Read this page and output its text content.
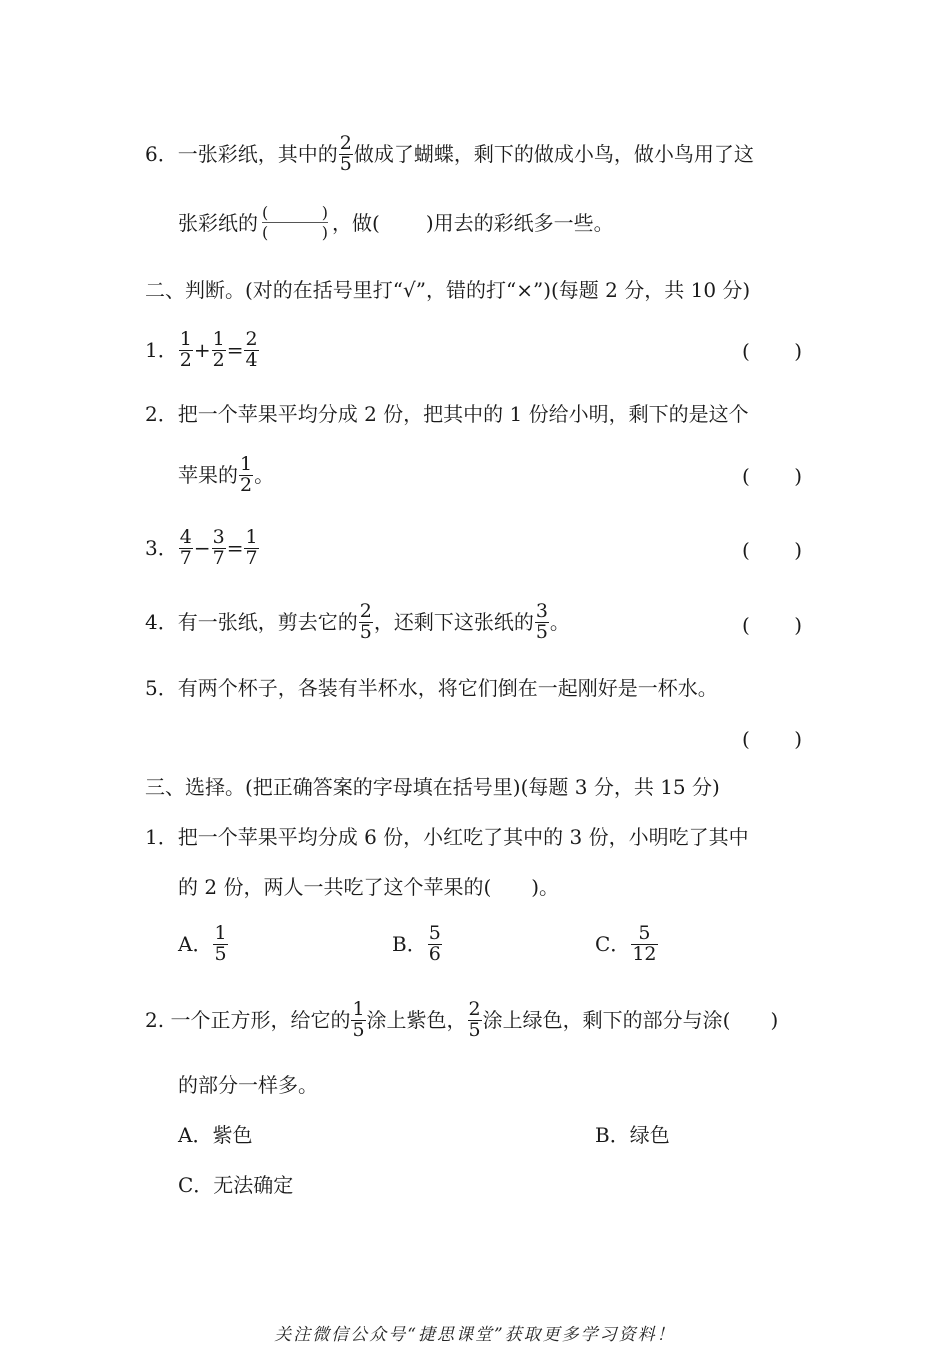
6．一张彩纸，其中的 $\frac{2}{5}$ 做成了蝴蝶，剩下的做成小鸟，做小鸟用了这
张彩纸的 (	)
(	) ，做( )用去的彩纸多一些。
二、判断。(对的在括号里打“√”，错的打“×”)(每题 2 分，共 10 分)
1． $\frac{1}{2} + \frac{1}{2} = \frac{2}{4}$	( )
2．把一个苹果平均分成 2 份，把其中的 1 份给小明，剩下的是这个
苹果的 $\frac{1}{2}$ 。	( )
3． $\frac{4}{7} - \frac{3}{7} = \frac{1}{7}$	( )
4．有一张纸，剪去它的 $\frac{2}{5}$ ，还剩下这张纸的 $\frac{3}{5}$ 。	( )
5．有两个杯子，各装有半杯水，将它们倒在一起刚好是一杯水。
( )
三、选择。(把正确答案的字母填在括号里)(每题 3 分，共 15 分)
1．把一个苹果平均分成 6 份，小红吃了其中的 3 份，小明吃了其中
的 2 份，两人一共吃了这个苹果的(　　)。
A． $\frac{1}{5}$	B． $\frac{5}{6}$	C． $\frac{5}{12}$
2. 一个正方形，给它的 $\frac{1}{5}$ 涂上紫色， $\frac{2}{5}$ 涂上绿色，剩下的部分与涂( )
的部分一样多。
A．紫色	B．绿色
C．无法确定
关注微信公众号“捷思课堂”获取更多学习资料！
